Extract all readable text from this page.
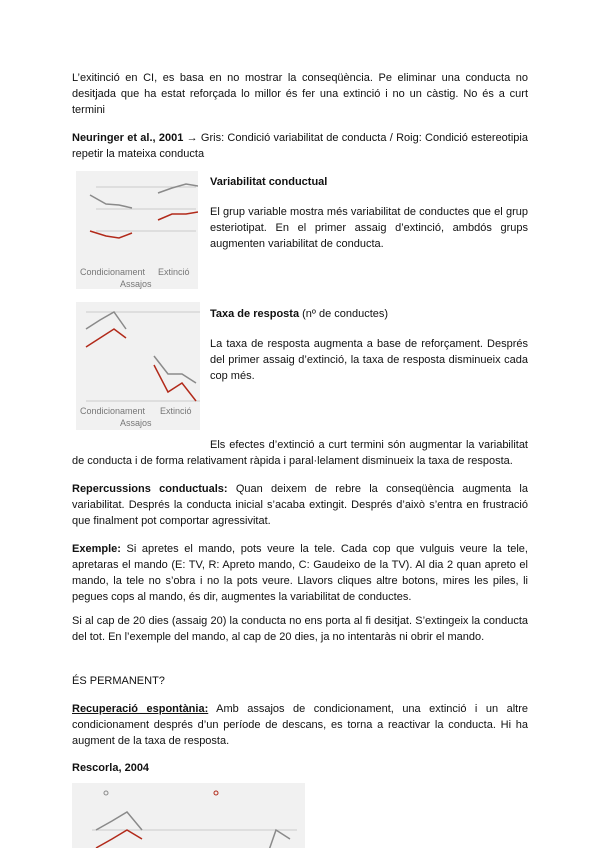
L’exitinció en CI, es basa en no mostrar la conseqüència. Pe eliminar una conducta no desitjada que ha estat reforçada lo millor és fer una extinció i no un càstig. No és a curt termini

Neuringer et al., 2001 → Gris: Condició variabilitat de conducta / Roig: Condició estereotipia repetir la mateixa conducta

Condicionament Extinció
Assajos

Variabilitat conductual

El grup variable mostra més variabilitat de conductes que el grup esteriotipat. En el primer assaig d’extinció, ambdós grups augmenten variabilitat de conducta.

Condicionament Extinció
Assajos

Taxa de resposta (nº de conductes)

La taxa de resposta augmenta a base de reforçament. Després del primer assaig d’extinció, la taxa de resposta disminueix cada cop més.

Els efectes d’extinció a curt termini són augmentar la variabilitat de conducta i de forma relativament ràpida i paral·lelament disminueix la taxa de resposta.

Repercussions conductuals: Quan deixem de rebre la conseqüència augmenta la variabilitat. Després la conducta inicial s’acaba extingit. Després d’això s’entra en frustració que finalment pot comportar agressivitat.

Exemple: Si apretes el mando, pots veure la tele. Cada cop que vulguis veure la tele, apretaras el mando (E: TV, R: Apreto mando, C: Gaudeixo de la TV). Al dia 2 quan apreto el mando, la tele no s’obra i no la pots veure. Llavors cliques altre botons, mires les piles, li pegues cops al mando, és dir, augmentes la variabilitat de conductes.

Si al cap de 20 dies (assaig 20) la conducta no ens porta al fi desitjat. S’extingeix la conducta del tot. En l’exemple del mando, al cap de 20 dies, ja no intentaràs ni obrir el mando.

ÉS PERMANENT?

Recuperació espontània: Amb assajos de condicionament, una extinció i un altre condicionament després d’un període de descans, es torna a reactivar la conducta. Hi ha augment de la taxa de resposta.

Rescorla, 2004
